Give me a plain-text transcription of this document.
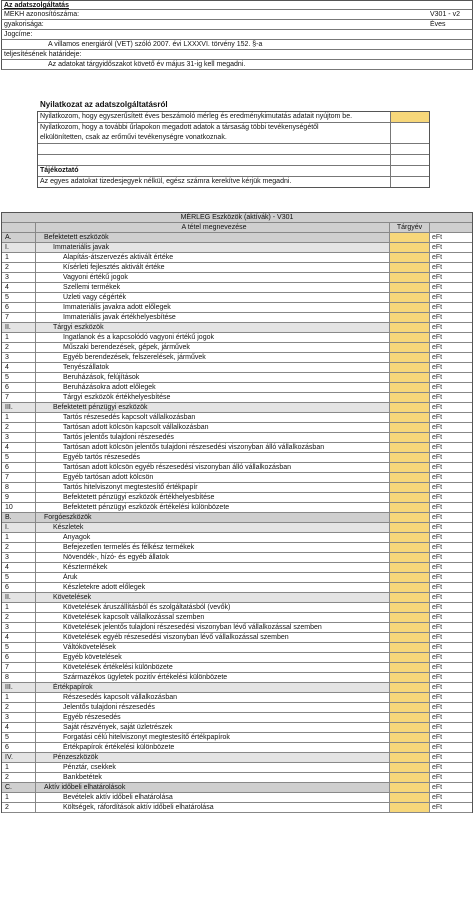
Az adatszolgáltatás
MEKH azonosítószáma:	V301 - v2
gyakorisága:	Éves
Jogcíme:
A villamos energiáról (VET) szóló 2007. évi LXXXVI. törvény 152. §-a
teljesítésének határideje:
Az adatokat tárgyidőszakot követő év május 31-ig kell megadni.
Nyilatkozat az adatszolgáltatásról
Nyilatkozom, hogy egyszerűsített éves beszámoló mérleg és eredménykimutatás adatait nyújtom be.
Nyilatkozom, hogy a további űrlapokon megadott adatok a társaság többi tevékenységétől
elkülönítetten, csak az erőművi tevékenységre vonatkoznak.
Tájékoztató
Az egyes adatokat tizedesjegyek nélkül, egész számra kerekítve kérjük megadni.
MÉRLEG Eszközök (aktívák) - V301
A tétel megnevezése	Tárgyév
A.	Befektetett eszközök	eFt
I.	Immateriális javak	eFt
1	Alapítás-átszervezés aktivált értéke	eFt
2	Kísérleti fejlesztés aktivált értéke	eFt
3	Vagyoni értékű jogok	eFt
4	Szellemi termékek	eFt
5	Üzleti vagy cégérték	eFt
6	Immateriális javakra adott előlegek	eFt
7	Immateriális javak értékhelyesbítése	eFt
II.	Tárgyi eszközök	eFt
1	Ingatlanok és a kapcsolódó vagyoni értékű jogok	eFt
2	Műszaki berendezések, gépek, járművek	eFt
3	Egyéb berendezések, felszerelések, járművek	eFt
4	Tenyészállatok	eFt
5	Beruházások, felújítások	eFt
6	Beruházásokra adott előlegek	eFt
7	Tárgyi eszközök értékhelyesbítése	eFt
III.	Befektetett pénzügyi eszközök	eFt
1	Tartós részesedés kapcsolt vállalkozásban	eFt
2	Tartósan adott kölcsön kapcsolt vállalkozásban	eFt
3	Tartós jelentős tulajdoni részesedés	eFt
4	Tartósan adott kölcsön jelentős tulajdoni részesedési viszonyban álló vállalkozásban	eFt
5	Egyéb tartós részesedés	eFt
6	Tartósan adott kölcsön egyéb részesedési viszonyban álló vállalkozásban	eFt
7	Egyéb tartósan adott kölcsön	eFt
8	Tartós hitelviszonyt megtestesítő értékpapír	eFt
9	Befektetett pénzügyi eszközök értékhelyesbítése	eFt
10	Befektetett pénzügyi eszközök értékelési különbözete	eFt
B.	Forgóeszközök	eFt
I.	Készletek	eFt
1	Anyagok	eFt
2	Befejezetlen termelés és félkész termékek	eFt
3	Növendék-, hízó- és egyéb állatok	eFt
4	Késztermékek	eFt
5	Áruk	eFt
6	Készletekre adott előlegek	eFt
II.	Követelések	eFt
1	Követelések áruszállításból és szolgáltatásból (vevők)	eFt
2	Követelések kapcsolt vállalkozással szemben	eFt
3	Követelések jelentős tulajdoni részesedési viszonyban lévő vállalkozással szemben	eFt
4	Követelések egyéb részesedési viszonyban lévő vállalkozással szemben	eFt
5	Váltókövetelések	eFt
6	Egyéb követelések	eFt
7	Követelések értékelési különbözete	eFt
8	Származékos ügyletek pozitív értékelési különbözete	eFt
III.	Értékpapírok	eFt
1	Részesedés kapcsolt vállalkozásban	eFt
2	Jelentős tulajdoni részesedés	eFt
3	Egyéb részesedés	eFt
4	Saját részvények, saját üzletrészek	eFt
5	Forgatási célú hitelviszonyt megtestesítő értékpapírok	eFt
6	Értékpapírok értékelési különbözete	eFt
IV.	Pénzeszközök	eFt
1	Pénztár, csekkek	eFt
2	Bankbetétek	eFt
C.	Aktív időbeli elhatárolások	eFt
1	Bevételek aktív időbeli elhatárolása	eFt
2	Költségek, ráfordítások aktív időbeli elhatárolása	eFt
